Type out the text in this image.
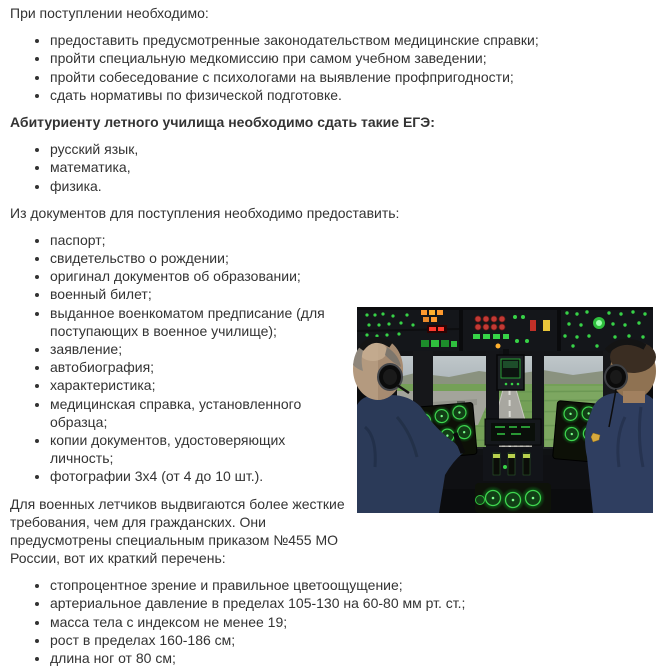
При поступлении необходимо:

• предоставить предусмотренные законодательством медицинские справки;
• пройти специальную медкомиссию при самом учебном заведении;
• пройти собеседование с психологами на выявление профпригодности;
• сдать нормативы по физической подготовке.

Абитуриенту летного училища необходимо сдать такие ЕГЭ:

• русский язык,
• математика,
• физика.

Из документов для поступления необходимо предоставить:

• паспорт;
• свидетельство о рождении;
• оригинал документов об образовании;
• военный билет;
• выданное военкоматом предписание (для поступающих в военное училище);
• заявление;
• автобиография;
• характеристика;
• медицинская справка, установленного образца;
• копии документов, удостоверяющих личность;
• фотографии 3х4 (от 4 до 10 шт.).

Для военных летчиков выдвигаются более жесткие требования, чем для гражданских. Они предусмотрены специальным приказом №455 МО России, вот их краткий перечень:

• стопроцентное зрение и правильное цветоощущение;
• артериальное давление в пределах 105-130 на 60-80 мм рт. ст.;
• масса тела с индексом не менее 19;
• рост в пределах 160-186 см;
• длина ног от 80 см;
